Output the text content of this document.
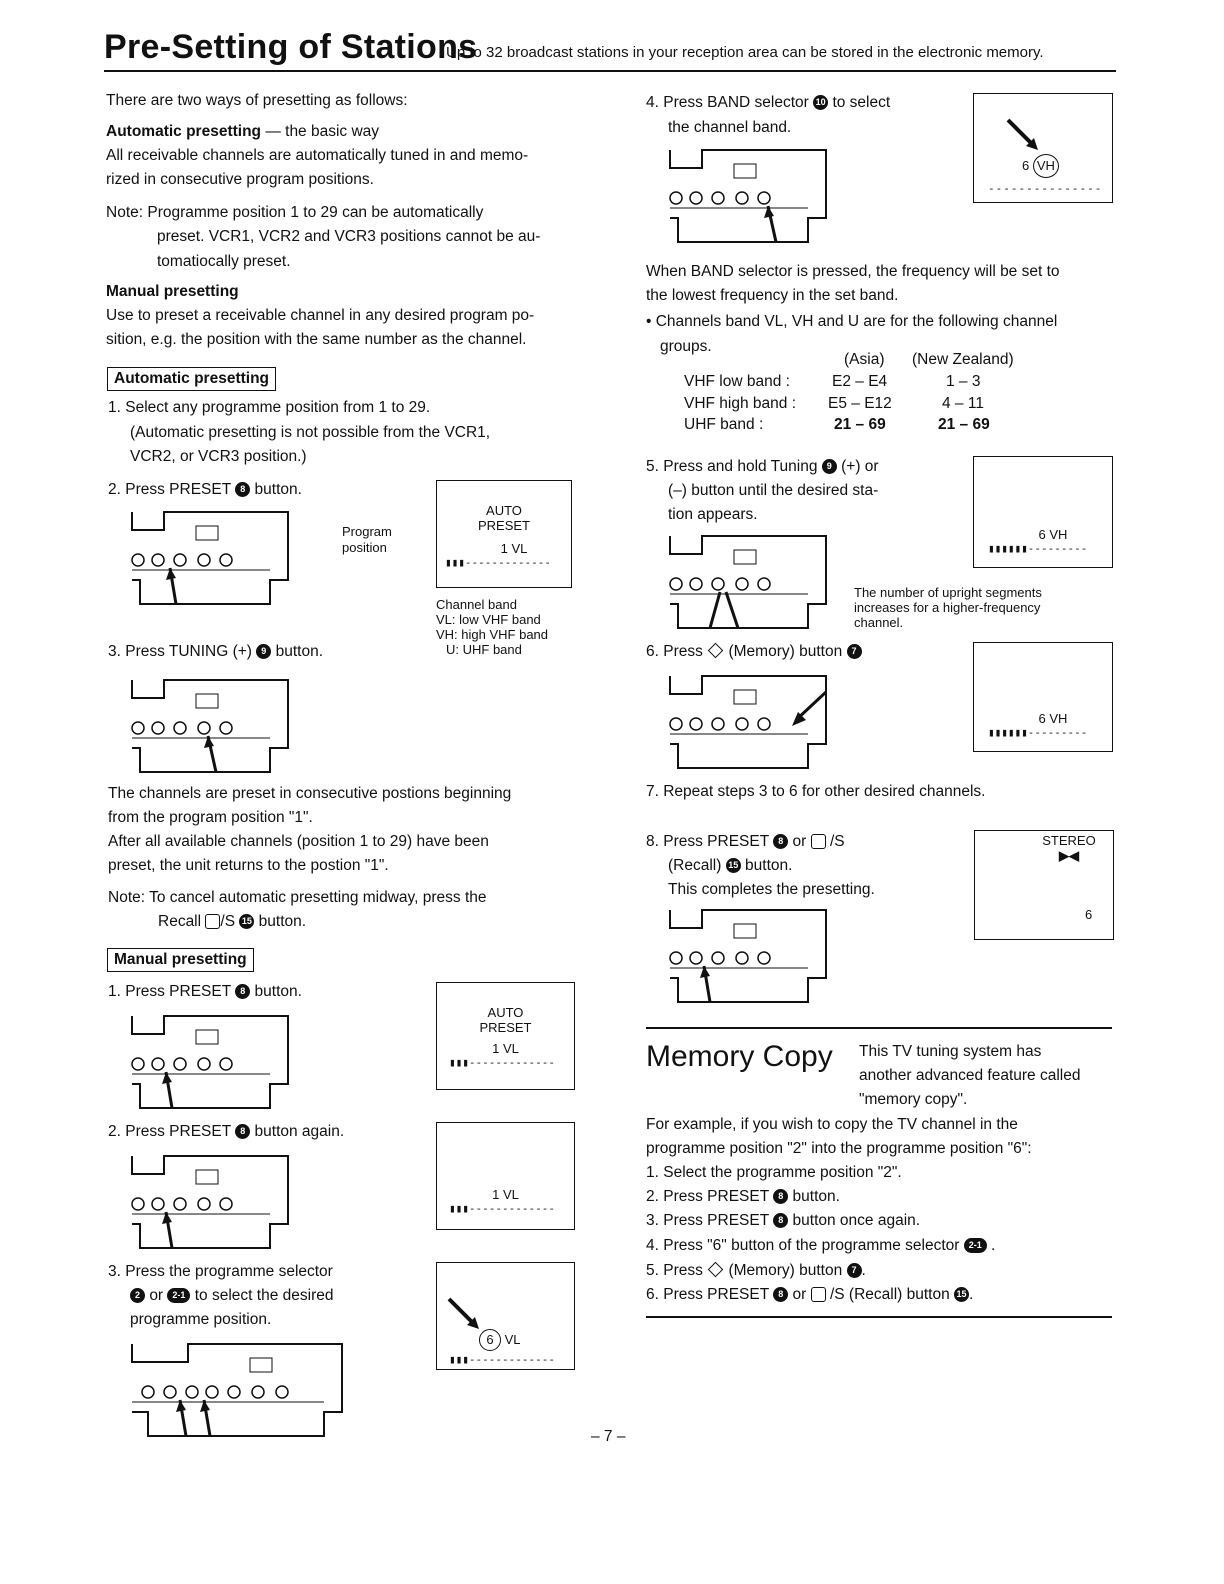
Pre-Setting of Stations
Up to 32 broadcast stations in your reception area can be stored in the electronic memory.
There are two ways of presetting as follows:
Automatic presetting — the basic way
All receivable channels are automatically tuned in and memo-
rized in consecutive program positions.
Note: Programme position 1 to 29 can be automatically
preset. VCR1, VCR2 and VCR3 positions cannot be au-
tomatiocally preset.
Manual presetting
Use to preset a receivable channel in any desired program po-
sition, e.g. the position with the same number as the channel.
Automatic presetting
1. Select any programme position from 1 to 29.
(Automatic presetting is not possible from the VCR1,
VCR2, or VCR3 position.)
2. Press PRESET 8 button.
Program
position
AUTO
PRESET
1 VL
▮▮▮-------------
Channel band
VL: low VHF band
VH: high VHF band
U: UHF band
3. Press TUNING (+) 9 button.
The channels are preset in consecutive postions beginning
from the program position "1".
After all available channels (position 1 to 29) have been
preset, the unit returns to the postion "1".
Note: To cancel automatic presetting midway, press the
Recall /S 15 button.
Manual presetting
1. Press PRESET 8 button.
AUTO
PRESET
1 VL
▮▮▮-------------
2. Press PRESET 8 button again.
1 VL
▮▮▮-------------
3. Press the programme selector
2 or 2-1 to select the desired
programme position.
6 VL
▮▮▮-------------
4. Press BAND selector 10 to select
the channel band.
6 VH
---------------
When BAND selector is pressed, the frequency will be set to
the lowest frequency in the set band.
• Channels band VL, VH and U are for the following channel
groups.
(Asia) (New Zealand)
VHF low band :	E2 – E4	1 – 3
VHF high band : E5 – E12	4 – 11
UHF band :	21 – 69	21 – 69
5. Press and hold Tuning 9 (+) or
(–) button until the desired sta-
tion appears.
6 VH
▮▮▮▮▮▮---------
The number of upright segments
increases for a higher-frequency
channel.
6. Press (Memory) button 7
6 VH
▮▮▮▮▮▮---------
7. Repeat steps 3 to 6 for other desired channels.
8. Press PRESET 8 or /S
(Recall) 15 button.
This completes the presetting.
STEREO
▶◀
6
Memory Copy This TV tuning system has
another advanced feature called
"memory copy".
For example, if you wish to copy the TV channel in the
programme position "2" into the programme position "6":
1. Select the programme position "2".
2. Press PRESET 8 button.
3. Press PRESET 8 button once again.
4. Press "6" button of the programme selector 2-1 .
5. Press (Memory) button 7 .
6. Press PRESET 8 or /S (Recall) button 15 .
– 7 –
